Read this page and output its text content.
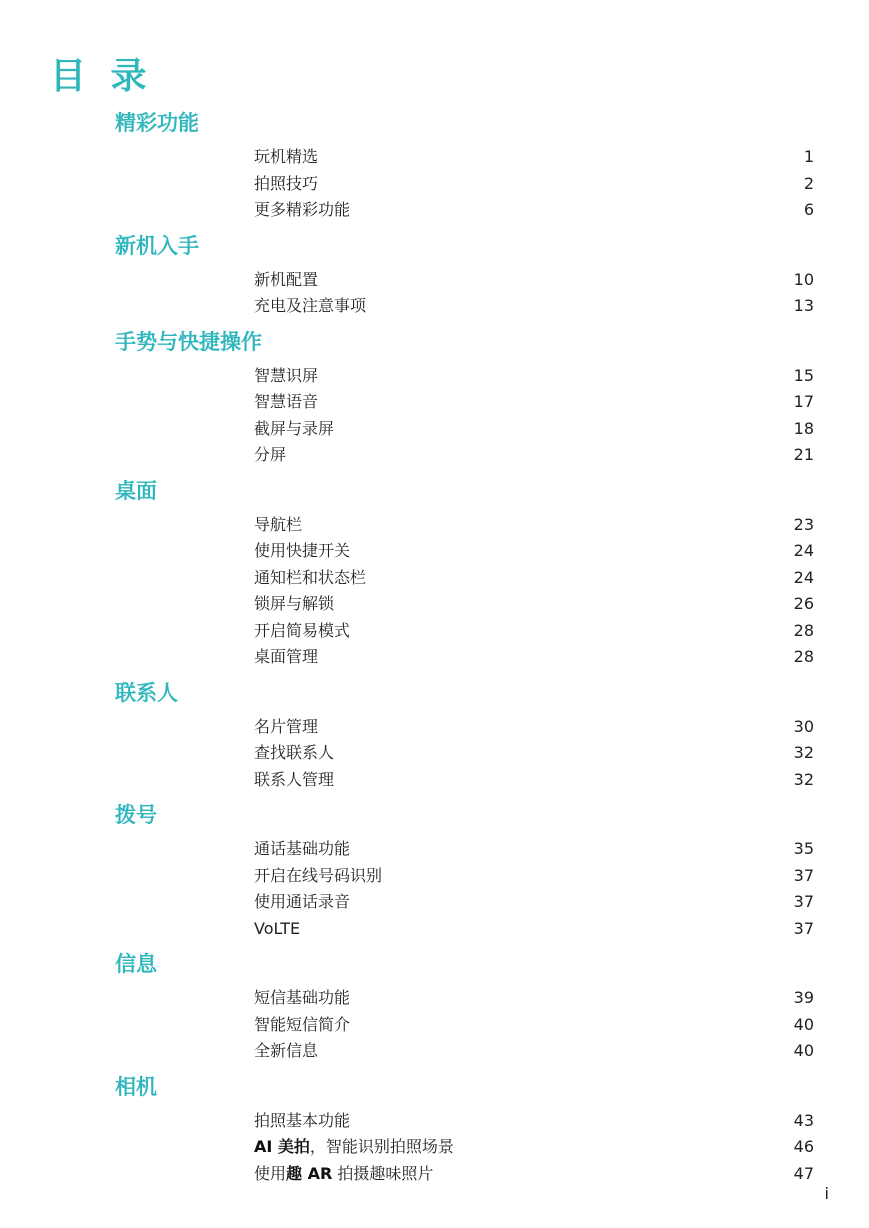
目 录
精彩功能
玩机精选	1
拍照技巧	2
更多精彩功能	6
新机入手
新机配置	10
充电及注意事项	13
手势与快捷操作
智慧识屏	15
智慧语音	17
截屏与录屏	18
分屏	21
桌面
导航栏	23
使用快捷开关	24
通知栏和状态栏	24
锁屏与解锁	26
开启简易模式	28
桌面管理	28
联系人
名片管理	30
查找联系人	32
联系人管理	32
拨号
通话基础功能	35
开启在线号码识别	37
使用通话录音	37
VoLTE	37
信息
短信基础功能	39
智能短信简介	40
全新信息	40
相机
拍照基本功能	43
AI 美拍，智能识别拍照场景	46
使用趣 AR 拍摄趣味照片	47
i
